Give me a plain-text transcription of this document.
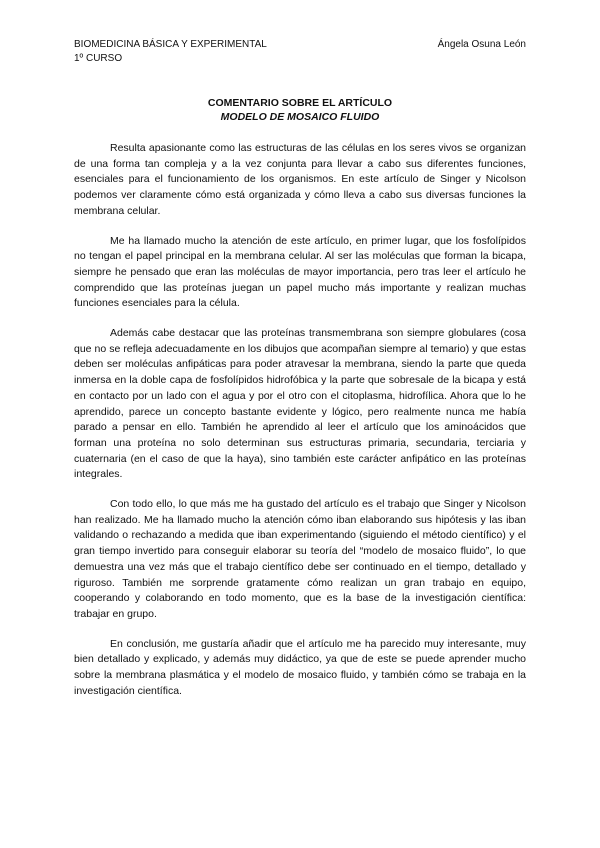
BIOMEDICINA BÁSICA Y EXPERIMENTAL	Ángela Osuna León
1º CURSO
COMENTARIO SOBRE EL ARTÍCULO
MODELO DE MOSAICO FLUIDO

Resulta apasionante como las estructuras de las células en los seres vivos se organizan de una forma tan compleja y a la vez conjunta para llevar a cabo sus diferentes funciones, esenciales para el funcionamiento de los organismos. En este artículo de Singer y Nicolson podemos ver claramente cómo está organizada y cómo lleva a cabo sus diversas funciones la membrana celular.

Me ha llamado mucho la atención de este artículo, en primer lugar, que los fosfolípidos no tengan el papel principal en la membrana celular. Al ser las moléculas que forman la bicapa, siempre he pensado que eran las moléculas de mayor importancia, pero tras leer el artículo he comprendido que las proteínas juegan un papel mucho más importante y realizan muchas funciones esenciales para la célula.

Además cabe destacar que las proteínas transmembrana son siempre globulares (cosa que no se refleja adecuadamente en los dibujos que acompañan siempre al temario) y que estas deben ser moléculas anfipáticas para poder atravesar la membrana, siendo la parte que queda inmersa en la doble capa de fosfolípidos hidrofóbica y la parte que sobresale de la bicapa y está en contacto por un lado con el agua y por el otro con el citoplasma, hidrofílica. Ahora que lo he aprendido, parece un concepto bastante evidente y lógico, pero realmente nunca me había parado a pensar en ello. También he aprendido al leer el artículo que los aminoácidos que forman una proteína no solo determinan sus estructuras primaria, secundaria, terciaria y cuaternaria (en el caso de que la haya), sino también este carácter anfipático en las proteínas integrales.

Con todo ello, lo que más me ha gustado del artículo es el trabajo que Singer y Nicolson han realizado. Me ha llamado mucho la atención cómo iban elaborando sus hipótesis y las iban validando o rechazando a medida que iban experimentando (siguiendo el método científico) y el gran tiempo invertido para conseguir elaborar su teoría del “modelo de mosaico fluido”, lo que demuestra una vez más que el trabajo científico debe ser continuado en el tiempo, detallado y riguroso. También me sorprende gratamente cómo realizan un gran trabajo en equipo, cooperando y colaborando en todo momento, que es la base de la investigación científica: trabajar en grupo.

En conclusión, me gustaría añadir que el artículo me ha parecido muy interesante, muy bien detallado y explicado, y además muy didáctico, ya que de este se puede aprender mucho sobre la membrana plasmática y el modelo de mosaico fluido, y también cómo se trabaja en la investigación científica.
